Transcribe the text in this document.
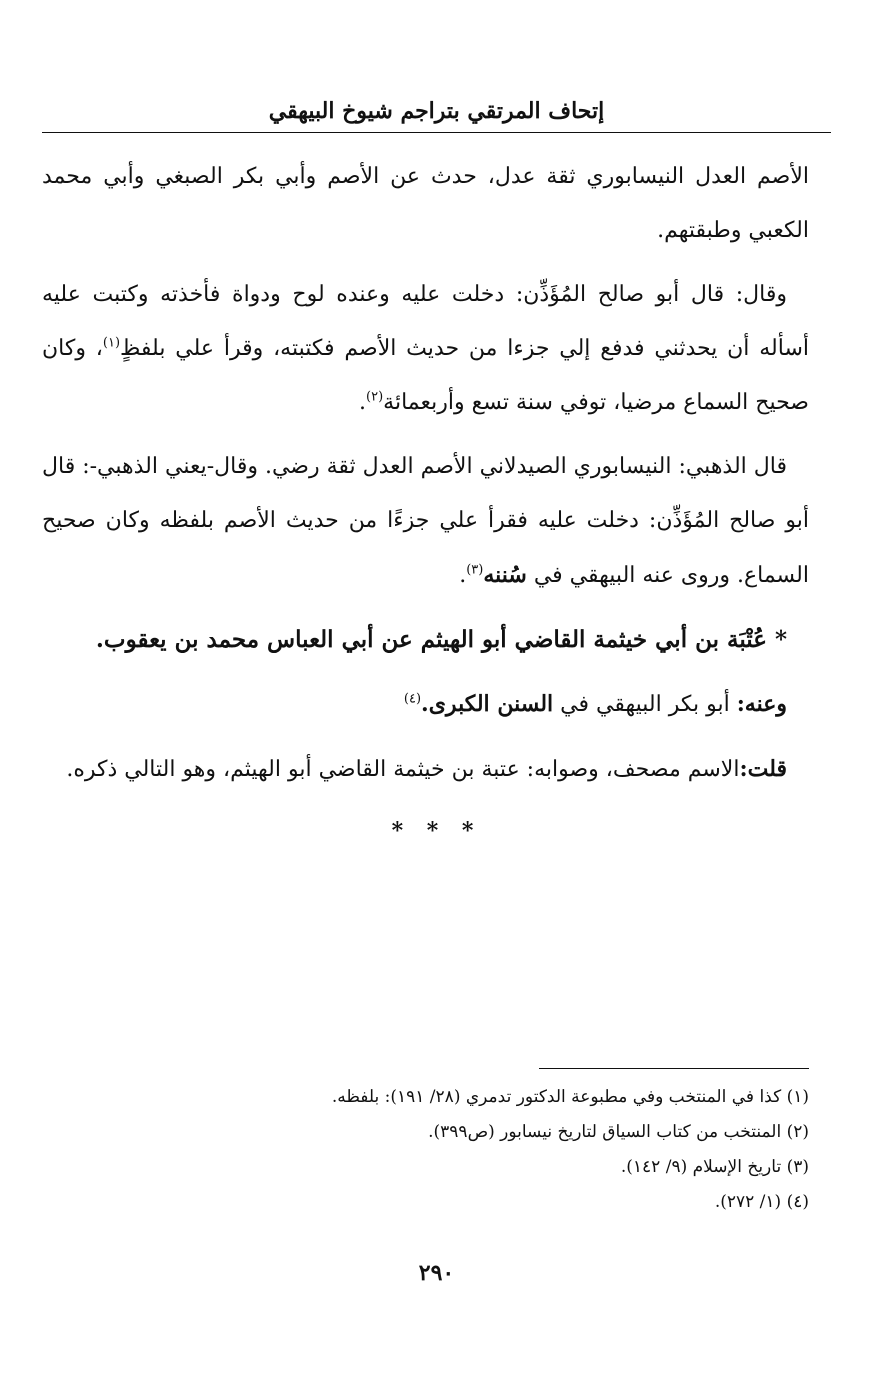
إتحاف المرتقي بتراجم شيوخ البيهقي

الأصم العدل النيسابوري ثقة عدل، حدث عن الأصم وأبي بكر الصبغي وأبي محمد الكعبي وطبقتهم.

وقال: قال أبو صالح المُؤَذِّن: دخلت عليه وعنده لوح ودواة فأخذته وكتبت عليه أسأله أن يحدثني فدفع إلي جزءا من حديث الأصم فكتبته، وقرأ علي بلفظٍ$^{(١)}$، وكان صحيح السماع مرضيا، توفي سنة تسع وأربعمائة$^{(٢)}$.

قال الذهبي: النيسابوري الصيدلاني الأصم العدل ثقة رضي. وقال-يعني الذهبي-: قال أبو صالح المُؤَذِّن: دخلت عليه فقرأ علي جزءًا من حديث الأصم بلفظه وكان صحيح السماع. وروى عنه البيهقي في سُننه$^{(٣)}$.

* عُتْبَة بن أبي خيثمة القاضي أبو الهيثم عن أبي العباس محمد بن يعقوب.

وعنه: أبو بكر البيهقي في السنن الكبرى.$^{(٤)}$

قلت:الاسم مصحف، وصوابه: عتبة بن خيثمة القاضي أبو الهيثم، وهو التالي ذكره.

* * *

(١) كذا في المنتخب وفي مطبوعة الدكتور تدمري (٢٨/ ١٩١): بلفظه.

(٢) المنتخب من كتاب السياق لتاريخ نيسابور (ص٣٩٩).

(٣) تاريخ الإسلام (٩/ ١٤٢).

(٤) (١/ ٢٧٢).

٢٩٠
